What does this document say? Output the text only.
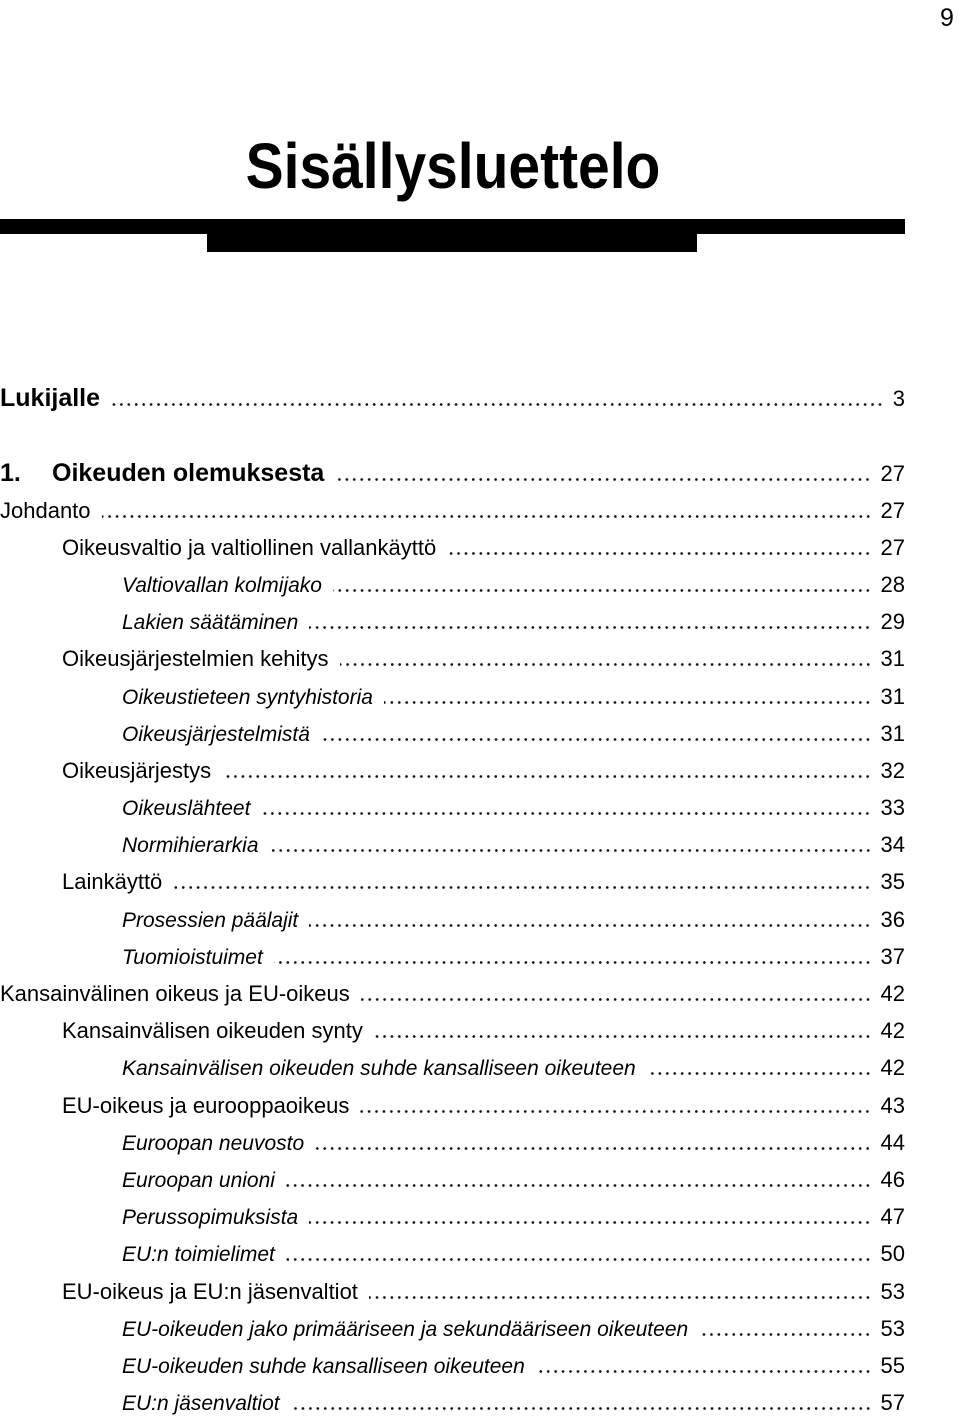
9
Sisällysluettelo
Lukijalle	3
1.	Oikeuden olemuksesta	27
Johdanto	27
Oikeusvaltio ja valtiollinen vallankäyttö	27
Valtiovallan kolmijako	28
Lakien säätäminen	29
Oikeusjärjestelmien kehitys	31
Oikeustieteen syntyhistoria	31
Oikeusjärjestelmistä	31
Oikeusjärjestys	32
Oikeuslähteet	33
Normihierarkia	34
Lainkäyttö	35
Prosessien päälajit	36
Tuomioistuimet	37
Kansainvälinen oikeus ja EU-oikeus	42
Kansainvälisen oikeuden synty	42
Kansainvälisen oikeuden suhde kansalliseen oikeuteen	42
EU-oikeus ja eurooppaoikeus	43
Euroopan neuvosto	44
Euroopan unioni	46
Perussopimuksista	47
EU:n toimielimet	50
EU-oikeus ja EU:n jäsenvaltiot	53
EU-oikeuden jako primääriseen ja sekundääriseen oikeuteen	53
EU-oikeuden suhde kansalliseen oikeuteen	55
EU:n jäsenvaltiot	57
